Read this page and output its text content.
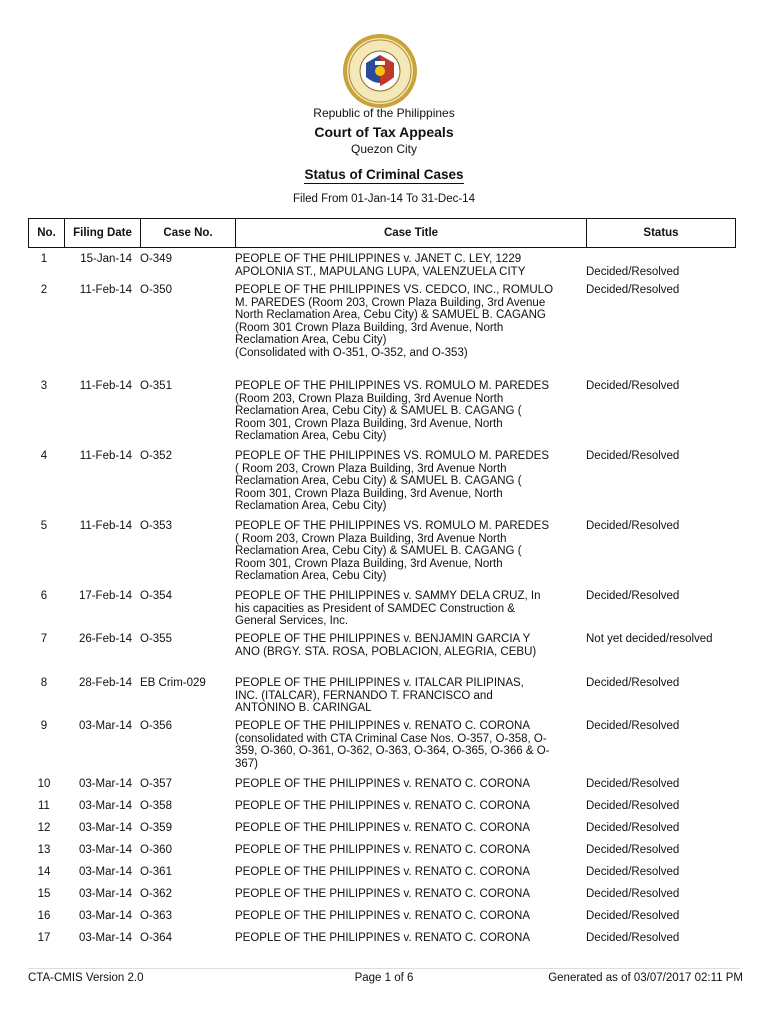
Republic of the Philippines
Court of Tax Appeals
Quezon City
Status of Criminal Cases
Filed From 01-Jan-14 To 31-Dec-14
No.	Filing Date	Case No.	Case Title	Status
1	15-Jan-14 O-349	PEOPLE OF THE PHILIPPINES v. JANET C. LEY, 1229
APOLONIA ST., MAPULANG LUPA, VALENZUELA CITY	Decided/Resolved
2	11-Feb-14 O-350	PEOPLE OF THE PHILIPPINES VS. CEDCO, INC., ROMULO
M. PAREDES (Room 203, Crown Plaza Building, 3rd Avenue
North Reclamation Area, Cebu City) & SAMUEL B. CAGANG
(Room 301 Crown Plaza Building, 3rd Avenue, North
Reclamation Area, Cebu City)
(Consolidated with O-351, O-352, and O-353)
Decided/Resolved
3	11-Feb-14 O-351	PEOPLE OF THE PHILIPPINES VS. ROMULO M. PAREDES
(Room 203, Crown Plaza Building, 3rd Avenue North
Reclamation Area, Cebu City) & SAMUEL B. CAGANG (
Room 301, Crown Plaza Building, 3rd Avenue, North
Reclamation Area, Cebu City)
Decided/Resolved
4	11-Feb-14 O-352	PEOPLE OF THE PHILIPPINES VS. ROMULO M. PAREDES
( Room 203, Crown Plaza Building, 3rd Avenue North
Reclamation Area, Cebu City) & SAMUEL B. CAGANG (
Room 301, Crown Plaza Building, 3rd Avenue, North
Reclamation Area, Cebu City)
Decided/Resolved
5	11-Feb-14 O-353	PEOPLE OF THE PHILIPPINES VS. ROMULO M. PAREDES
( Room 203, Crown Plaza Building, 3rd Avenue North
Reclamation Area, Cebu City) & SAMUEL B. CAGANG (
Room 301, Crown Plaza Building, 3rd Avenue, North
Reclamation Area, Cebu City)
Decided/Resolved
6	17-Feb-14 O-354	PEOPLE OF THE PHILIPPINES v. SAMMY DELA CRUZ, In
his capacities as President of SAMDEC Construction &
General Services, Inc.
Decided/Resolved
7	26-Feb-14 O-355	PEOPLE OF THE PHILIPPINES v. BENJAMIN GARCIA Y
ANO (BRGY. STA. ROSA, POBLACION, ALEGRIA, CEBU)
Not yet decided/resolved
8	28-Feb-14 EB Crim-029	PEOPLE OF THE PHILIPPINES v. ITALCAR PILIPINAS,
INC. (ITALCAR), FERNANDO T. FRANCISCO and
ANTONINO B. CARINGAL
Decided/Resolved
9	03-Mar-14 O-356	PEOPLE OF THE PHILIPPINES v. RENATO C. CORONA
(consolidated with CTA Criminal Case Nos. O-357, O-358, O-
359, O-360, O-361, O-362, O-363, O-364, O-365, O-366 & O-
367)
Decided/Resolved
10	03-Mar-14 O-357	PEOPLE OF THE PHILIPPINES v. RENATO C. CORONA	Decided/Resolved
11	03-Mar-14 O-358	PEOPLE OF THE PHILIPPINES v. RENATO C. CORONA	Decided/Resolved
12	03-Mar-14 O-359	PEOPLE OF THE PHILIPPINES v. RENATO C. CORONA	Decided/Resolved
13	03-Mar-14 O-360	PEOPLE OF THE PHILIPPINES v. RENATO C. CORONA	Decided/Resolved
14	03-Mar-14 O-361	PEOPLE OF THE PHILIPPINES v. RENATO C. CORONA	Decided/Resolved
15	03-Mar-14 O-362	PEOPLE OF THE PHILIPPINES v. RENATO C. CORONA	Decided/Resolved
16	03-Mar-14 O-363	PEOPLE OF THE PHILIPPINES v. RENATO C. CORONA	Decided/Resolved
17	03-Mar-14 O-364	PEOPLE OF THE PHILIPPINES v. RENATO C. CORONA	Decided/Resolved
CTA-CMIS Version 2.0	Page 1 of 6	Generated as of 03/07/2017 02:11 PM
